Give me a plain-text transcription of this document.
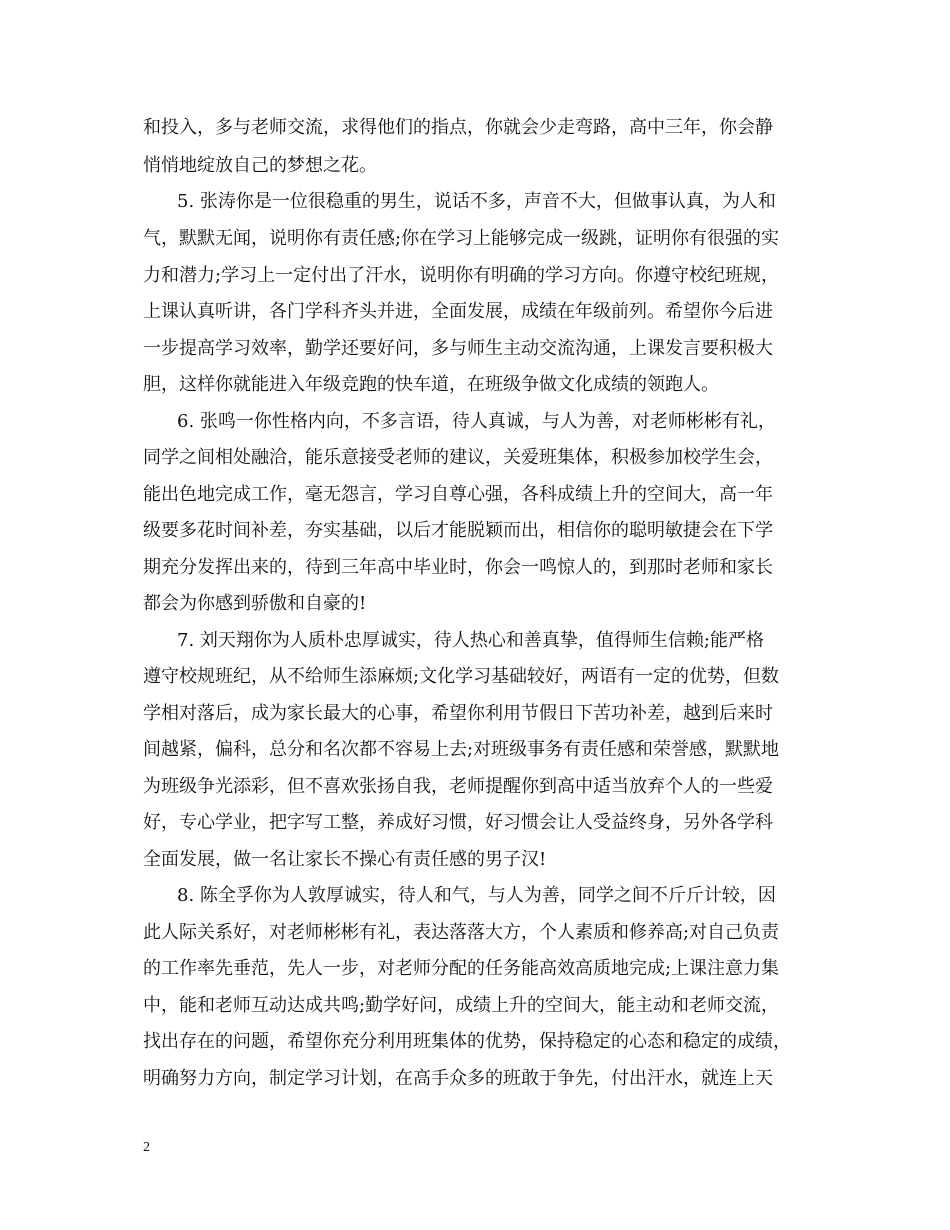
和投入，多与老师交流，求得他们的指点，你就会少走弯路，高中三年，你会静
悄悄地绽放自己的梦想之花。
5. 张涛你是一位很稳重的男生，说话不多，声音不大，但做事认真，为人和
气，默默无闻，说明你有责任感;你在学习上能够完成一级跳，证明你有很强的实
力和潜力;学习上一定付出了汗水，说明你有明确的学习方向。你遵守校纪班规，
上课认真听讲，各门学科齐头并进，全面发展，成绩在年级前列。希望你今后进
一步提高学习效率，勤学还要好问，多与师生主动交流沟通，上课发言要积极大
胆，这样你就能进入年级竞跑的快车道，在班级争做文化成绩的领跑人。
6. 张鸣一你性格内向，不多言语，待人真诚，与人为善，对老师彬彬有礼，
同学之间相处融洽，能乐意接受老师的建议，关爱班集体，积极参加校学生会，
能出色地完成工作，毫无怨言，学习自尊心强，各科成绩上升的空间大，高一年
级要多花时间补差，夯实基础，以后才能脱颖而出，相信你的聪明敏捷会在下学
期充分发挥出来的，待到三年高中毕业时，你会一鸣惊人的，到那时老师和家长
都会为你感到骄傲和自豪的!
7. 刘天翔你为人质朴忠厚诚实，待人热心和善真挚，值得师生信赖;能严格
遵守校规班纪，从不给师生添麻烦;文化学习基础较好，两语有一定的优势，但数
学相对落后，成为家长最大的心事，希望你利用节假日下苦功补差，越到后来时
间越紧，偏科，总分和名次都不容易上去;对班级事务有责任感和荣誉感，默默地
为班级争光添彩，但不喜欢张扬自我，老师提醒你到高中适当放弃个人的一些爱
好，专心学业，把字写工整，养成好习惯，好习惯会让人受益终身，另外各学科
全面发展，做一名让家长不操心有责任感的男子汉!
8. 陈全孚你为人敦厚诚实，待人和气，与人为善，同学之间不斤斤计较，因
此人际关系好，对老师彬彬有礼，表达落落大方，个人素质和修养高;对自己负责
的工作率先垂范，先人一步，对老师分配的任务能高效高质地完成;上课注意力集
中，能和老师互动达成共鸣;勤学好问，成绩上升的空间大，能主动和老师交流，
找出存在的问题，希望你充分利用班集体的优势，保持稳定的心态和稳定的成绩，
明确努力方向，制定学习计划，在高手众多的班敢于争先，付出汗水，就连上天
2
